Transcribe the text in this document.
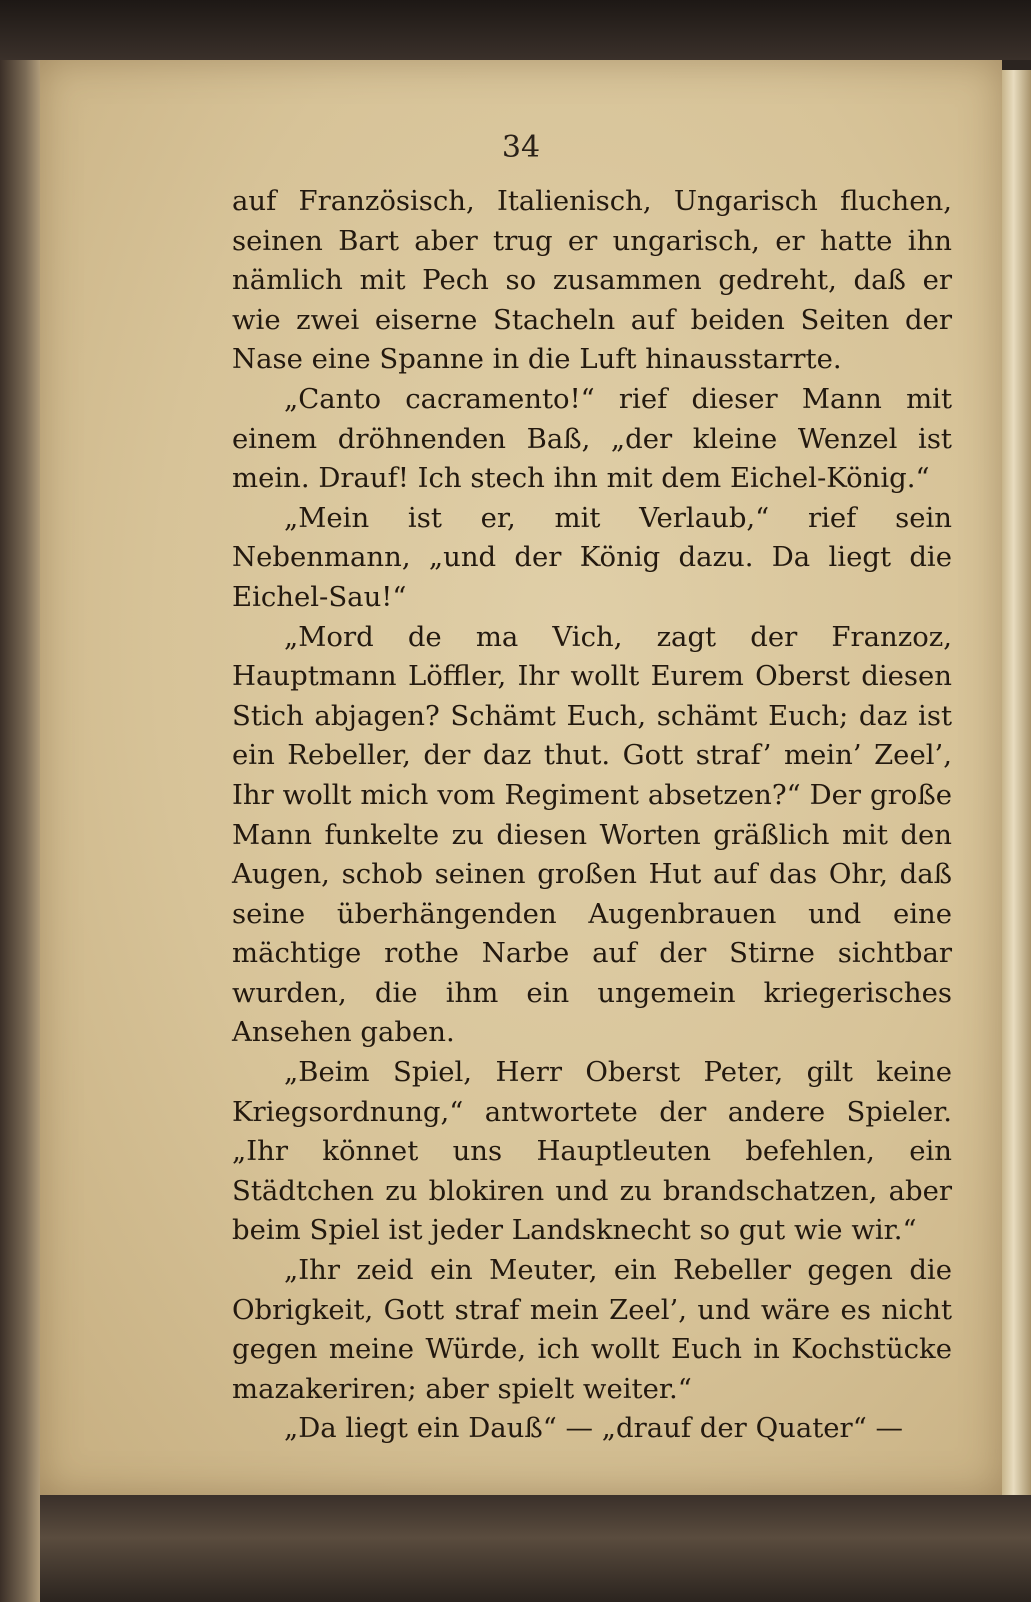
34

auf Französisch, Italienisch, Ungarisch fluchen, seinen Bart aber trug er ungarisch, er hatte ihn nämlich mit Pech so zusammen gedreht, daß er wie zwei eiserne Stacheln auf beiden Seiten der Nase eine Spanne in die Luft hinausstarrte.

„Canto cacramento!“ rief dieser Mann mit einem dröhnenden Baß, „der kleine Wenzel ist mein. Drauf! Ich stech ihn mit dem Eichel-König.“

„Mein ist er, mit Verlaub,“ rief sein Nebenmann, „und der König dazu. Da liegt die Eichel-Sau!“

„Mord de ma Vich, zagt der Franzoz, Hauptmann Löffler, Ihr wollt Eurem Oberst diesen Stich abjagen? Schämt Euch, schämt Euch; daz ist ein Rebeller, der daz thut. Gott straf’ mein’ Zeel’, Ihr wollt mich vom Regiment absetzen?“ Der große Mann funkelte zu diesen Worten gräßlich mit den Augen, schob seinen großen Hut auf das Ohr, daß seine überhängenden Augenbrauen und eine mächtige rothe Narbe auf der Stirne sichtbar wurden, die ihm ein ungemein kriegerisches Ansehen gaben.

„Beim Spiel, Herr Oberst Peter, gilt keine Kriegsordnung,“ antwortete der andere Spieler. „Ihr könnet uns Hauptleuten befehlen, ein Städtchen zu blokiren und zu brandschatzen, aber beim Spiel ist jeder Landsknecht so gut wie wir.“

„Ihr zeid ein Meuter, ein Rebeller gegen die Obrigkeit, Gott straf mein Zeel’, und wäre es nicht gegen meine Würde, ich wollt Euch in Kochstücke mazakeriren; aber spielt weiter.“

„Da liegt ein Dauß“ — „drauf der Quater“ —
